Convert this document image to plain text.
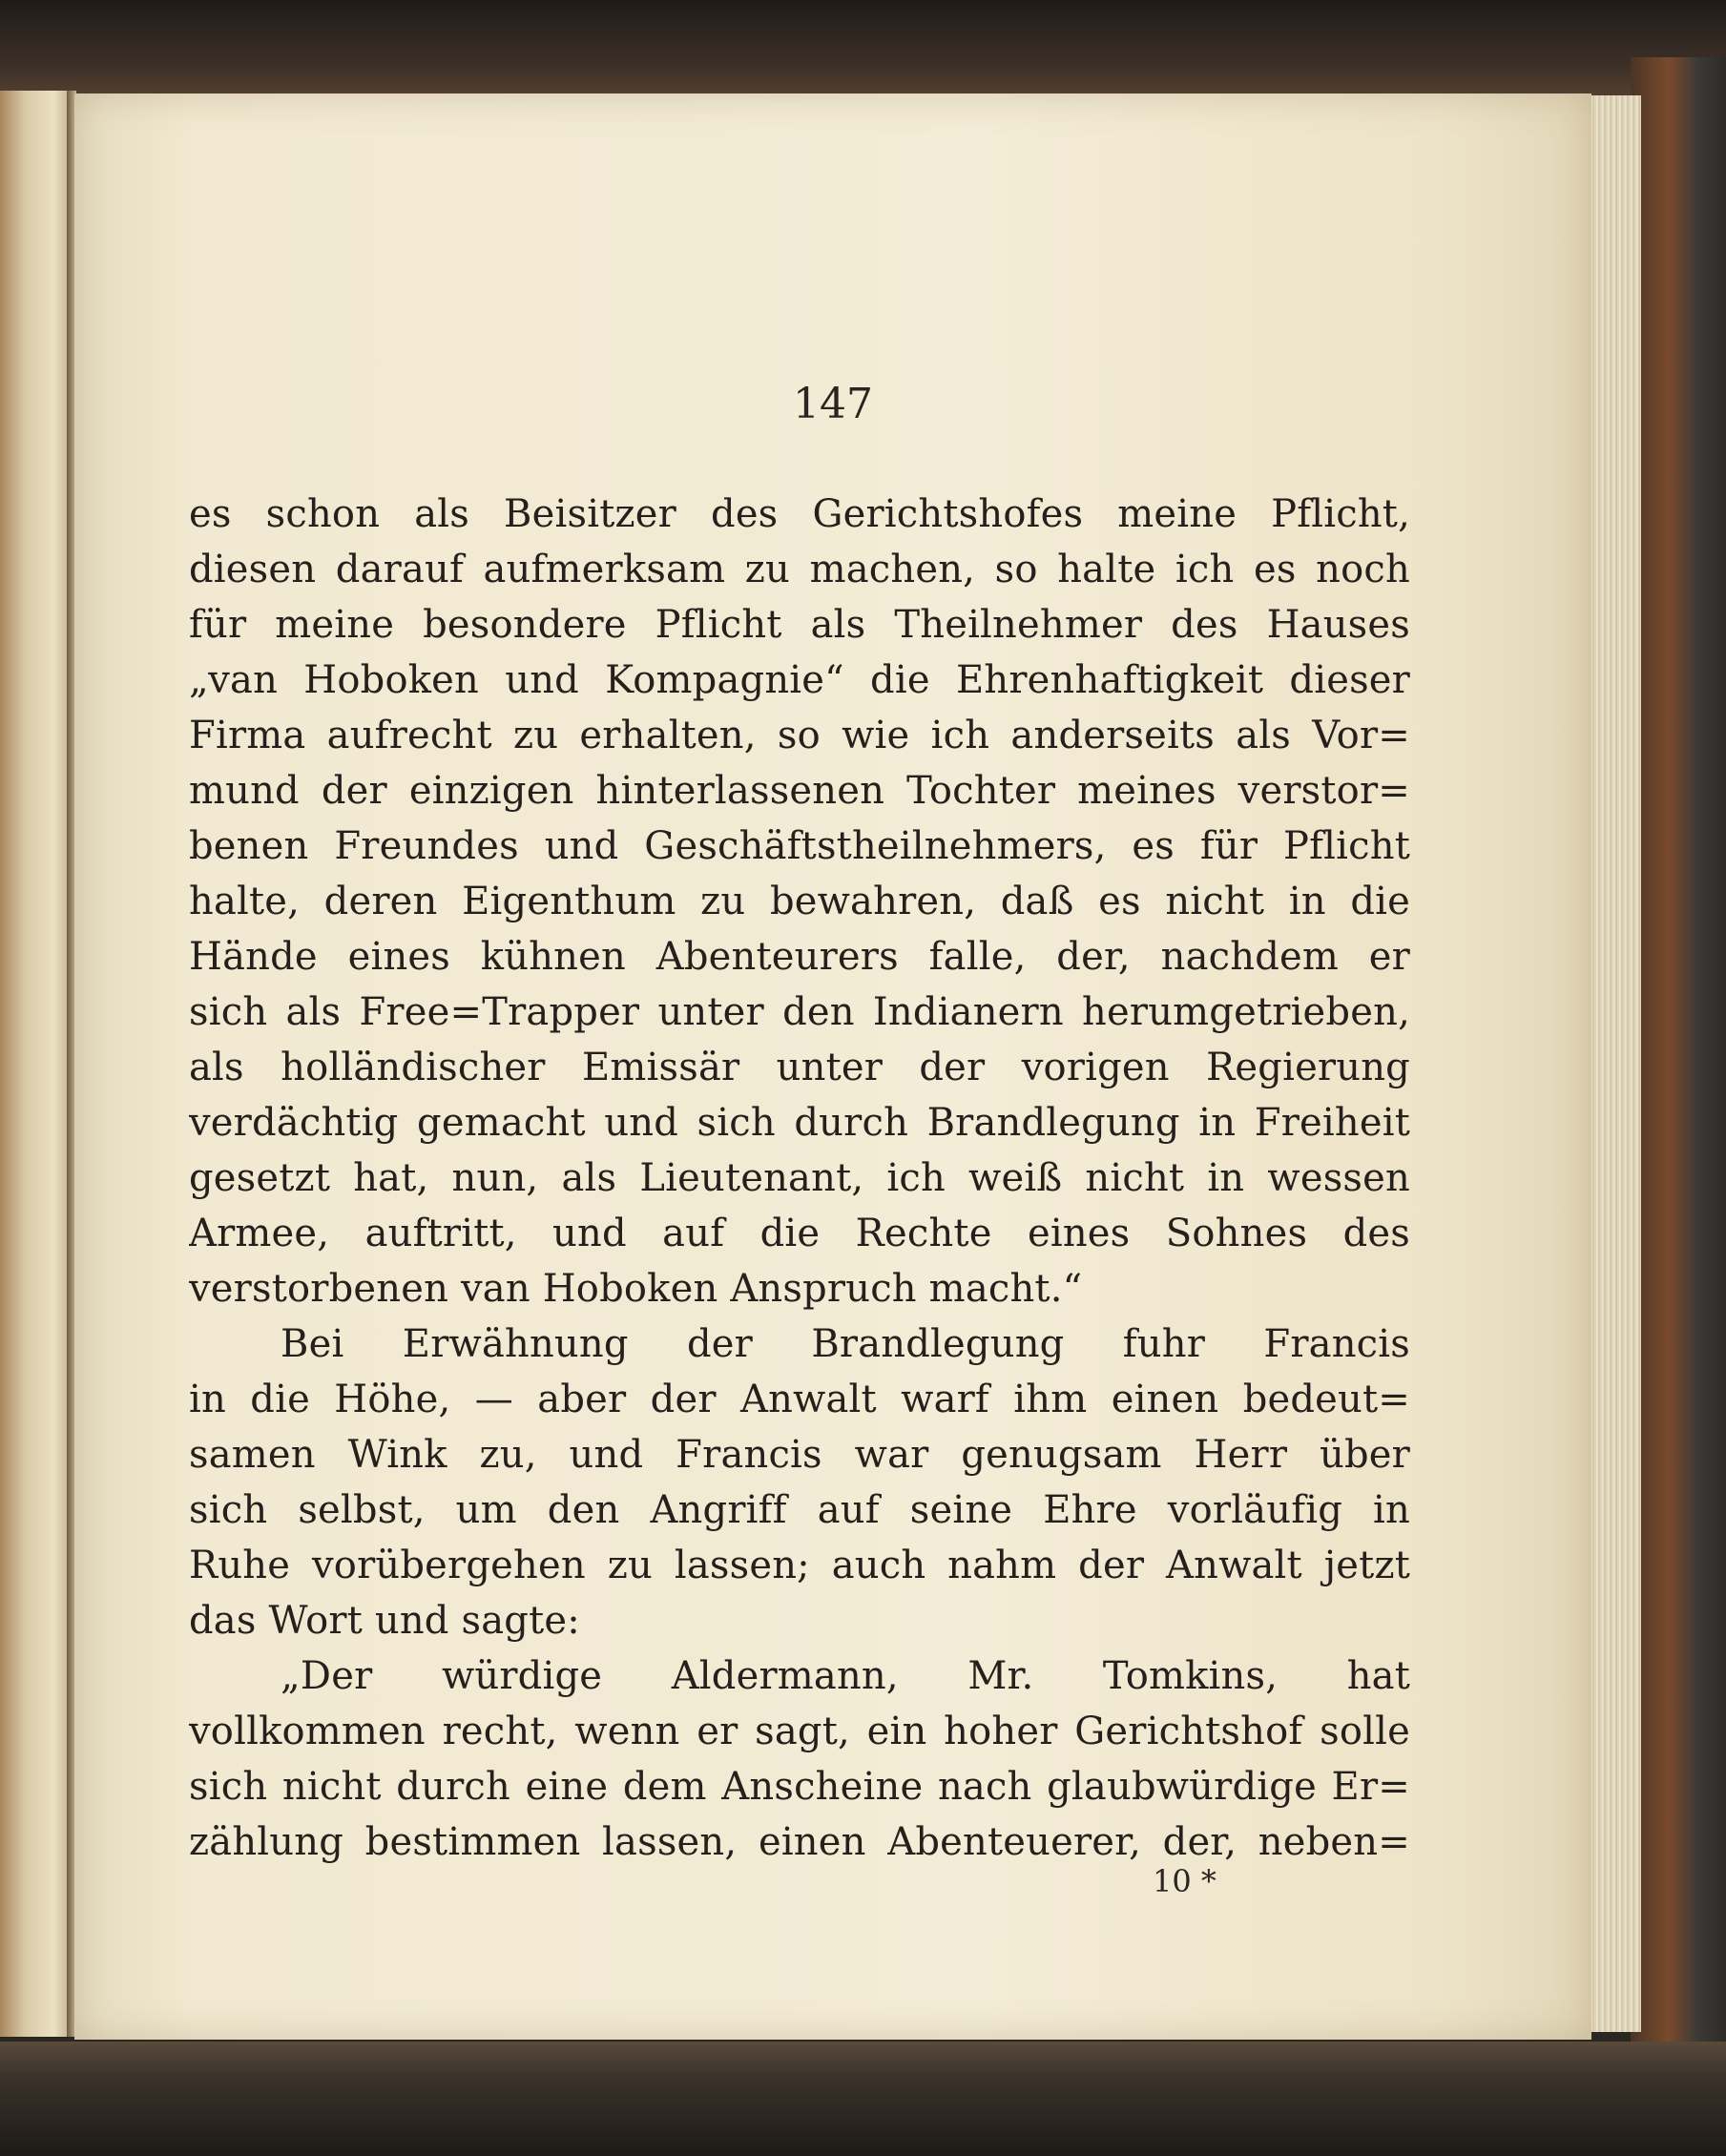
147
es schon als Beisitzer des Gerichtshofes meine Pflicht,
diesen darauf aufmerksam zu machen, so halte ich es noch
für meine besondere Pflicht als Theilnehmer des Hauses
„van Hoboken und Kompagnie“ die Ehrenhaftigkeit dieser
Firma aufrecht zu erhalten, so wie ich anderseits als Vor=
mund der einzigen hinterlassenen Tochter meines verstor=
benen Freundes und Geschäftstheilnehmers, es für Pflicht
halte, deren Eigenthum zu bewahren, daß es nicht in die
Hände eines kühnen Abenteurers falle, der, nachdem er
sich als Free=Trapper unter den Indianern herumgetrieben,
als holländischer Emissär unter der vorigen Regierung
verdächtig gemacht und sich durch Brandlegung in Freiheit
gesetzt hat, nun, als Lieutenant, ich weiß nicht in wessen
Armee, auftritt, und auf die Rechte eines Sohnes des
verstorbenen van Hoboken Anspruch macht.“
Bei Erwähnung der Brandlegung fuhr Francis
in die Höhe, — aber der Anwalt warf ihm einen bedeut=
samen Wink zu, und Francis war genugsam Herr über
sich selbst, um den Angriff auf seine Ehre vorläufig in
Ruhe vorübergehen zu lassen; auch nahm der Anwalt jetzt
das Wort und sagte:
„Der würdige Aldermann, Mr. Tomkins, hat
vollkommen recht, wenn er sagt, ein hoher Gerichtshof solle
sich nicht durch eine dem Anscheine nach glaubwürdige Er=
zählung bestimmen lassen, einen Abenteuerer, der, neben=
10 *
